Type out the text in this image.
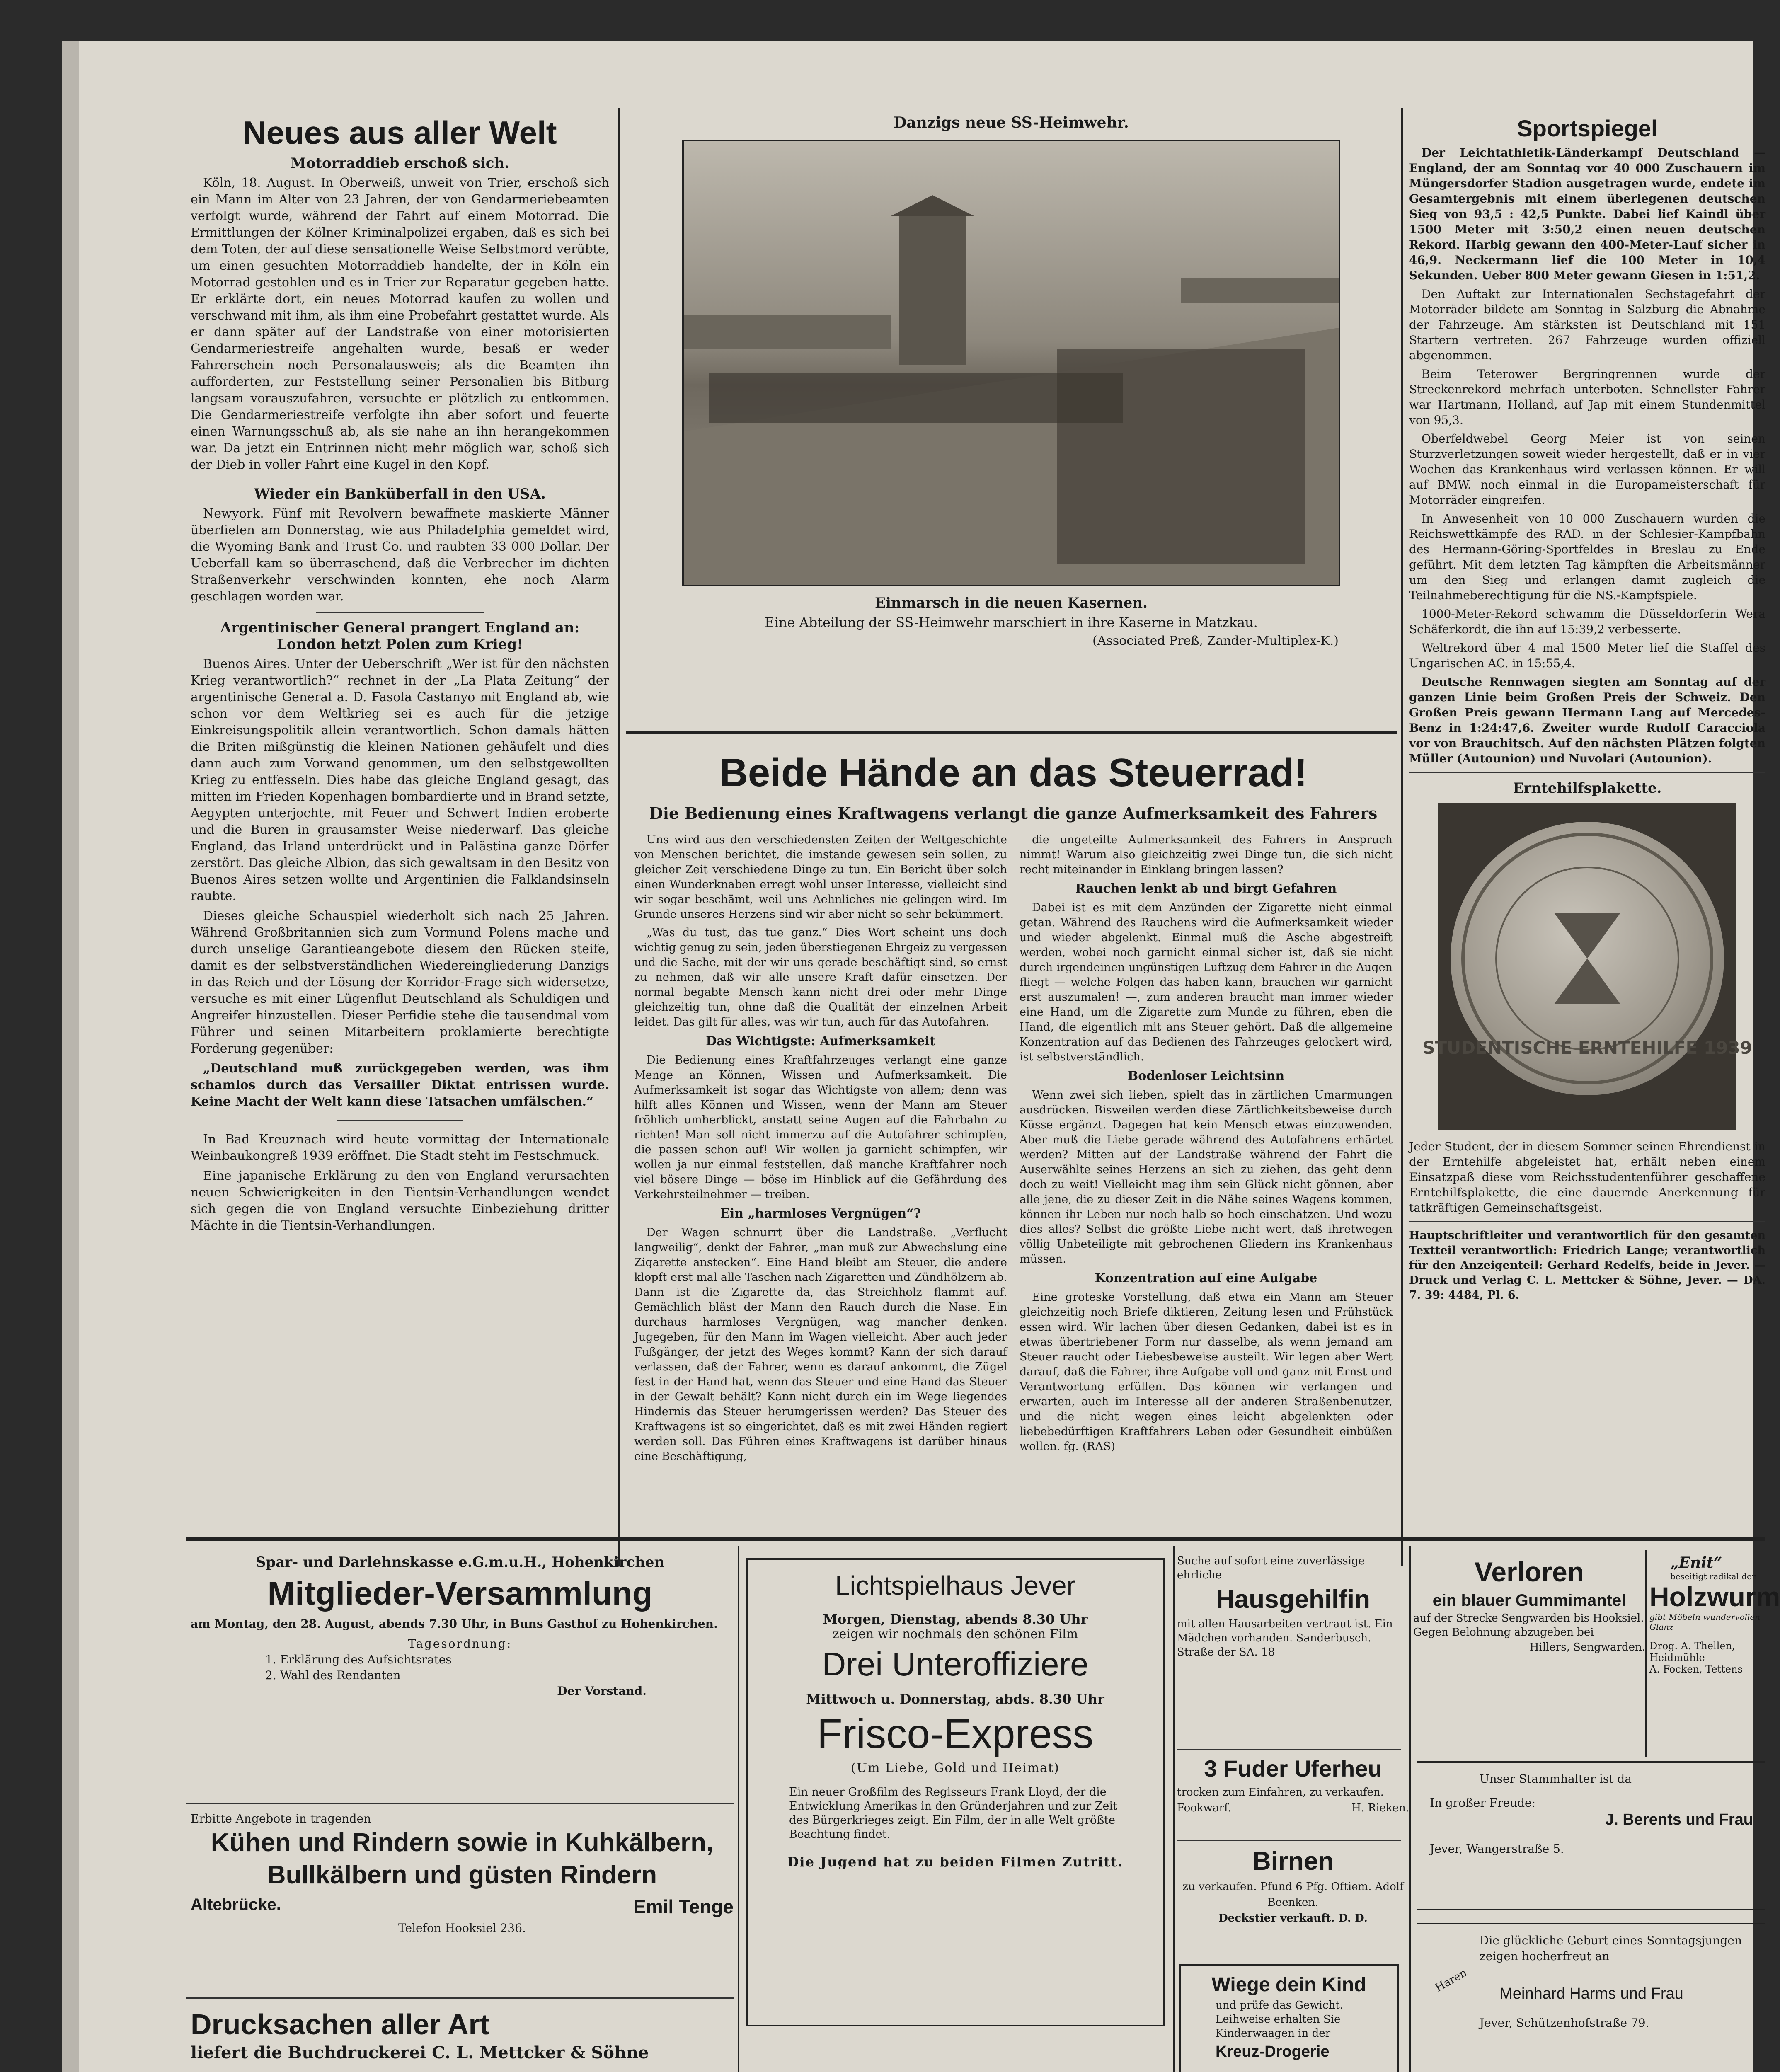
Neues aus aller Welt
Motorraddieb erschoß sich.

Köln, 18. August. In Oberweiß, unweit von Trier, erschoß sich ein Mann im Alter von 23 Jahren, der von Gendarmeriebeamten verfolgt wurde, während der Fahrt auf einem Motorrad. Die Ermittlungen der Kölner Kriminalpolizei ergaben, daß es sich bei dem Toten, der auf diese sensationelle Weise Selbstmord verübte, um einen gesuchten Motorraddieb handelte, der in Köln ein Motorrad gestohlen und es in Trier zur Reparatur gegeben hatte. Er erklärte dort, ein neues Motorrad kaufen zu wollen und verschwand mit ihm, als ihm eine Probefahrt gestattet wurde. Als er dann später auf der Landstraße von einer motorisierten Gendarmeriestreife angehalten wurde, besaß er weder Fahrerschein noch Personalausweis; als die Beamten ihn aufforderten, zur Feststellung seiner Personalien bis Bitburg langsam vorauszufahren, versuchte er plötzlich zu entkommen. Die Gendarmeriestreife verfolgte ihn aber sofort und feuerte einen Warnungsschuß ab, als sie nahe an ihn herangekommen war. Da jetzt ein Entrinnen nicht mehr möglich war, schoß sich der Dieb in voller Fahrt eine Kugel in den Kopf.

Wieder ein Banküberfall in den USA.

Newyork. Fünf mit Revolvern bewaffnete maskierte Männer überfielen am Donnerstag, wie aus Philadelphia gemeldet wird, die Wyoming Bank and Trust Co. und raubten 33 000 Dollar. Der Ueberfall kam so überraschend, daß die Verbrecher im dichten Straßenverkehr verschwinden konnten, ehe noch Alarm geschlagen worden war.

Argentinischer General prangert England an: London hetzt Polen zum Krieg!

Buenos Aires. Unter der Ueberschrift „Wer ist für den nächsten Krieg verantwortlich?“ rechnet in der „La Plata Zeitung“ der argentinische General a. D. Fasola Castanyo mit England ab, wie schon vor dem Weltkrieg sei es auch für die jetzige Einkreisungspolitik allein verantwortlich. Schon damals hätten die Briten mißgünstig die kleinen Nationen gehäufelt und dies dann auch zum Vorwand genommen, um den selbstgewollten Krieg zu entfesseln. Dies habe das gleiche England gesagt, das mitten im Frieden Kopenhagen bombardierte und in Brand setzte, Aegypten unterjochte, mit Feuer und Schwert Indien eroberte und die Buren in grausamster Weise niederwarf. Das gleiche England, das Irland unterdrückt und in Palästina ganze Dörfer zerstört. Das gleiche Albion, das sich gewaltsam in den Besitz von Buenos Aires setzen wollte und Argentinien die Falklandsinseln raubte.

Dieses gleiche Schauspiel wiederholt sich nach 25 Jahren. Während Großbritannien sich zum Vormund Polens mache und durch unselige Garantieangebote diesem den Rücken steife, damit es der selbstverständlichen Wiedereingliederung Danzigs in das Reich und der Lösung der Korridor-Frage sich widersetze, versuche es mit einer Lügenflut Deutschland als Schuldigen und Angreifer hinzustellen. Dieser Perfidie stehe die tausendmal vom Führer und seinen Mitarbeitern proklamierte berechtigte Forderung gegenüber:

„Deutschland muß zurückgegeben werden, was ihm schamlos durch das Versailler Diktat entrissen wurde. Keine Macht der Welt kann diese Tatsachen umfälschen.“

In Bad Kreuznach wird heute vormittag der Internationale Weinbaukongreß 1939 eröffnet. Die Stadt steht im Festschmuck.

Eine japanische Erklärung zu den von England verursachten neuen Schwierigkeiten in den Tientsin-Verhandlungen wendet sich gegen die von England versuchte Einbeziehung dritter Mächte in die Tientsin-Verhandlungen.

Danzigs neue SS-Heimwehr.
Einmarsch in die neuen Kasernen.
Eine Abteilung der SS-Heimwehr marschiert in ihre Kaserne in Matzkau.
(Associated Preß, Zander-Multiplex-K.)
Beide Hände an das Steuerrad!
Die Bedienung eines Kraftwagens verlangt die ganze Aufmerksamkeit des Fahrers

Uns wird aus den verschiedensten Zeiten der Weltgeschichte von Menschen berichtet, die imstande gewesen sein sollen, zu gleicher Zeit verschiedene Dinge zu tun. Ein Bericht über solch einen Wunderknaben erregt wohl unser Interesse, vielleicht sind wir sogar beschämt, weil uns Aehnliches nie gelingen wird. Im Grunde unseres Herzens sind wir aber nicht so sehr bekümmert.

„Was du tust, das tue ganz.“ Dies Wort scheint uns doch wichtig genug zu sein, jeden überstiegenen Ehrgeiz zu vergessen und die Sache, mit der wir uns gerade beschäftigt sind, so ernst zu nehmen, daß wir alle unsere Kraft dafür einsetzen. Der normal begabte Mensch kann nicht drei oder mehr Dinge gleichzeitig tun, ohne daß die Qualität der einzelnen Arbeit leidet. Das gilt für alles, was wir tun, auch für das Autofahren.

Das Wichtigste: Aufmerksamkeit

Die Bedienung eines Kraftfahrzeuges verlangt eine ganze Menge an Können, Wissen und Aufmerksamkeit. Die Aufmerksamkeit ist sogar das Wichtigste von allem; denn was hilft alles Können und Wissen, wenn der Mann am Steuer fröhlich umherblickt, anstatt seine Augen auf die Fahrbahn zu richten! Man soll nicht immerzu auf die Autofahrer schimpfen, die passen schon auf! Wir wollen ja garnicht schimpfen, wir wollen ja nur einmal feststellen, daß manche Kraftfahrer noch viel bösere Dinge — böse im Hinblick auf die Gefährdung des Verkehrsteilnehmer — treiben.

Ein „harmloses Vergnügen“?

Der Wagen schnurrt über die Landstraße. „Verflucht langweilig“, denkt der Fahrer, „man muß zur Abwechslung eine Zigarette anstecken“. Eine Hand bleibt am Steuer, die andere klopft erst mal alle Taschen nach Zigaretten und Zündhölzern ab. Dann ist die Zigarette da, das Streichholz flammt auf. Gemächlich bläst der Mann den Rauch durch die Nase. Ein durchaus harmloses Vergnügen, wag mancher denken. Jugegeben, für den Mann im Wagen vielleicht. Aber auch jeder Fußgänger, der jetzt des Weges kommt? Kann der sich darauf verlassen, daß der Fahrer, wenn es darauf ankommt, die Zügel fest in der Hand hat, wenn das Steuer und eine Hand das Steuer in der Gewalt behält? Kann nicht durch ein im Wege liegendes Hindernis das Steuer herumgerissen werden? Das Steuer des Kraftwagens ist so eingerichtet, daß es mit zwei Händen regiert werden soll. Das Führen eines Kraftwagens ist darüber hinaus eine Beschäftigung,

die ungeteilte Aufmerksamkeit des Fahrers in Anspruch nimmt! Warum also gleichzeitig zwei Dinge tun, die sich nicht recht miteinander in Einklang bringen lassen?

Rauchen lenkt ab und birgt Gefahren

Dabei ist es mit dem Anzünden der Zigarette nicht einmal getan. Während des Rauchens wird die Aufmerksamkeit wieder und wieder abgelenkt. Einmal muß die Asche abgestreift werden, wobei noch garnicht einmal sicher ist, daß sie nicht durch irgendeinen ungünstigen Luftzug dem Fahrer in die Augen fliegt — welche Folgen das haben kann, brauchen wir garnicht erst auszumalen! —, zum anderen braucht man immer wieder eine Hand, um die Zigarette zum Munde zu führen, eben die Hand, die eigentlich mit ans Steuer gehört. Daß die allgemeine Konzentration auf das Bedienen des Fahrzeuges gelockert wird, ist selbstverständlich.

Bodenloser Leichtsinn

Wenn zwei sich lieben, spielt das in zärtlichen Umarmungen ausdrücken. Bisweilen werden diese Zärtlichkeitsbeweise durch Küsse ergänzt. Dagegen hat kein Mensch etwas einzuwenden. Aber muß die Liebe gerade während des Autofahrens erhärtet werden? Mitten auf der Landstraße während der Fahrt die Auserwählte seines Herzens an sich zu ziehen, das geht denn doch zu weit! Vielleicht mag ihm sein Glück nicht gönnen, aber alle jene, die zu dieser Zeit in die Nähe seines Wagens kommen, können ihr Leben nur noch halb so hoch einschätzen. Und wozu dies alles? Selbst die größte Liebe nicht wert, daß ihretwegen völlig Unbeteiligte mit gebrochenen Gliedern ins Krankenhaus müssen.

Konzentration auf eine Aufgabe

Eine groteske Vorstellung, daß etwa ein Mann am Steuer gleichzeitig noch Briefe diktieren, Zeitung lesen und Frühstück essen wird. Wir lachen über diesen Gedanken, dabei ist es in etwas übertriebener Form nur dasselbe, als wenn jemand am Steuer raucht oder Liebesbeweise austeilt. Wir legen aber Wert darauf, daß die Fahrer, ihre Aufgabe voll und ganz mit Ernst und Verantwortung erfüllen. Das können wir verlangen und erwarten, auch im Interesse all der anderen Straßenbenutzer, und die nicht wegen eines leicht abgelenkten oder liebebedürftigen Kraftfahrers Leben oder Gesundheit einbüßen wollen. fg. (RAS)

Sportspiegel

Der Leichtathletik-Länderkampf Deutschland — England, der am Sonntag vor 40 000 Zuschauern im Müngersdorfer Stadion ausgetragen wurde, endete im Gesamtergebnis mit einem überlegenen deutschen Sieg von 93,5 : 42,5 Punkte. Dabei lief Kaindl über 1500 Meter mit 3:50,2 einen neuen deutschen Rekord. Harbig gewann den 400-Meter-Lauf sicher in 46,9. Neckermann lief die 100 Meter in 10,4 Sekunden. Ueber 800 Meter gewann Giesen in 1:51,2.

Den Auftakt zur Internationalen Sechstagefahrt der Motorräder bildete am Sonntag in Salzburg die Abnahme der Fahrzeuge. Am stärksten ist Deutschland mit 151 Startern vertreten. 267 Fahrzeuge wurden offiziell abgenommen.

Beim Teterower Bergringrennen wurde der Streckenrekord mehrfach unterboten. Schnellster Fahrer war Hartmann, Holland, auf Jap mit einem Stundenmittel von 95,3.

Oberfeldwebel Georg Meier ist von seinen Sturzverletzungen soweit wieder hergestellt, daß er in vier Wochen das Krankenhaus wird verlassen können. Er will auf BMW. noch einmal in die Europameisterschaft für Motorräder eingreifen.

In Anwesenheit von 10 000 Zuschauern wurden die Reichswettkämpfe des RAD. in der Schlesier-Kampfbahn des Hermann-Göring-Sportfeldes in Breslau zu Ende geführt. Mit dem letzten Tag kämpften die Arbeitsmänner um den Sieg und erlangen damit zugleich die Teilnahmeberechtigung für die NS.-Kampfspiele.

1000-Meter-Rekord schwamm die Düsseldorferin Wera Schäferkordt, die ihn auf 15:39,2 verbesserte.

Weltrekord über 4 mal 1500 Meter lief die Staffel des Ungarischen AC. in 15:55,4.

Deutsche Rennwagen siegten am Sonntag auf der ganzen Linie beim Großen Preis der Schweiz. Den Großen Preis gewann Hermann Lang auf Mercedes-Benz in 1:24:47,6. Zweiter wurde Rudolf Caracciola vor von Brauchitsch. Auf den nächsten Plätzen folgten Müller (Autounion) und Nuvolari (Autounion).

Erntehilfsplakette.
STUDENTISCHE ERNTEHILFE 1939
Jeder Student, der in diesem Sommer seinen Ehrendienst in der Erntehilfe abgeleistet hat, erhält neben einem Einsatzpaß diese vom Reichsstudentenführer geschaffene Erntehilfsplakette, die eine dauernde Anerkennung für tatkräftigen Gemeinschaftsgeist.
Hauptschriftleiter und verantwortlich für den gesamten Textteil verantwortlich: Friedrich Lange; verantwortlich für den Anzeigenteil: Gerhard Redelfs, beide in Jever. — Druck und Verlag C. L. Mettcker & Söhne, Jever. — DA. 7. 39: 4484, Pl. 6.
Spar- und Darlehnskasse e.G.m.u.H., Hohenkirchen
Mitglieder-Versammlung
am Montag, den 28. August, abends 7.30 Uhr, in Buns Gasthof zu Hohenkirchen.
Tagesordnung:
1. Erklärung des Aufsichtsrates
2. Wahl des Rendanten
Der Vorstand.
Erbitte Angebote in tragenden
Kühen und Rindern sowie in Kuhkälbern, Bullkälbern und güsten Rindern
Altebrücke.	Emil Tenge
Telefon Hooksiel 236.
Drucksachen aller Art
liefert die Buchdruckerei C. L. Mettcker & Söhne
Lichtspielhaus Jever
Morgen, Dienstag, abends 8.30 Uhr
zeigen wir nochmals den schönen Film
Drei Unteroffiziere
Mittwoch u. Donnerstag, abds. 8.30 Uhr
Frisco-Express
(Um Liebe, Gold und Heimat)
Ein neuer Großfilm des Regisseurs Frank Lloyd, der die Entwicklung Amerikas in den Gründerjahren und zur Zeit des Bürgerkrieges zeigt. Ein Film, der in alle Welt größte Beachtung findet.
Die Jugend hat zu beiden Filmen Zutritt.
Suche auf sofort eine zuverlässige ehrliche
Hausgehilfin
mit allen Hausarbeiten vertraut ist. Ein Mädchen vorhanden. Sanderbusch. Straße der SA. 18
3 Fuder Uferheu
trocken zum Einfahren, zu verkaufen.
Fookwarf.	H. Rieken.
Birnen
zu verkaufen. Pfund 6 Pfg. Oftiem. Adolf Beenken.
Deckstier verkauft. D. D.
Wiege dein Kind
und prüfe das Gewicht. Leihweise erhalten Sie Kinderwaagen in der
Kreuz-Drogerie
Verloren
ein blauer Gummimantel
auf der Strecke Sengwarden bis Hooksiel. Gegen Belohnung abzugeben bei
Hillers, Sengwarden.
„Enit“
beseitigt radikal den
Holzwurm
gibt Möbeln wundervollen Glanz
Drog. A. Thellen, Heidmühle
A. Focken, Tettens
Unser Stammhalter ist da
In großer Freude:
J. Berents und Frau
Jever, Wangerstraße 5.
Die glückliche Geburt eines Sonntagsjungen zeigen hocherfreut an
Haren	Meinhard Harms und Frau
Jever, Schützenhofstraße 79.
